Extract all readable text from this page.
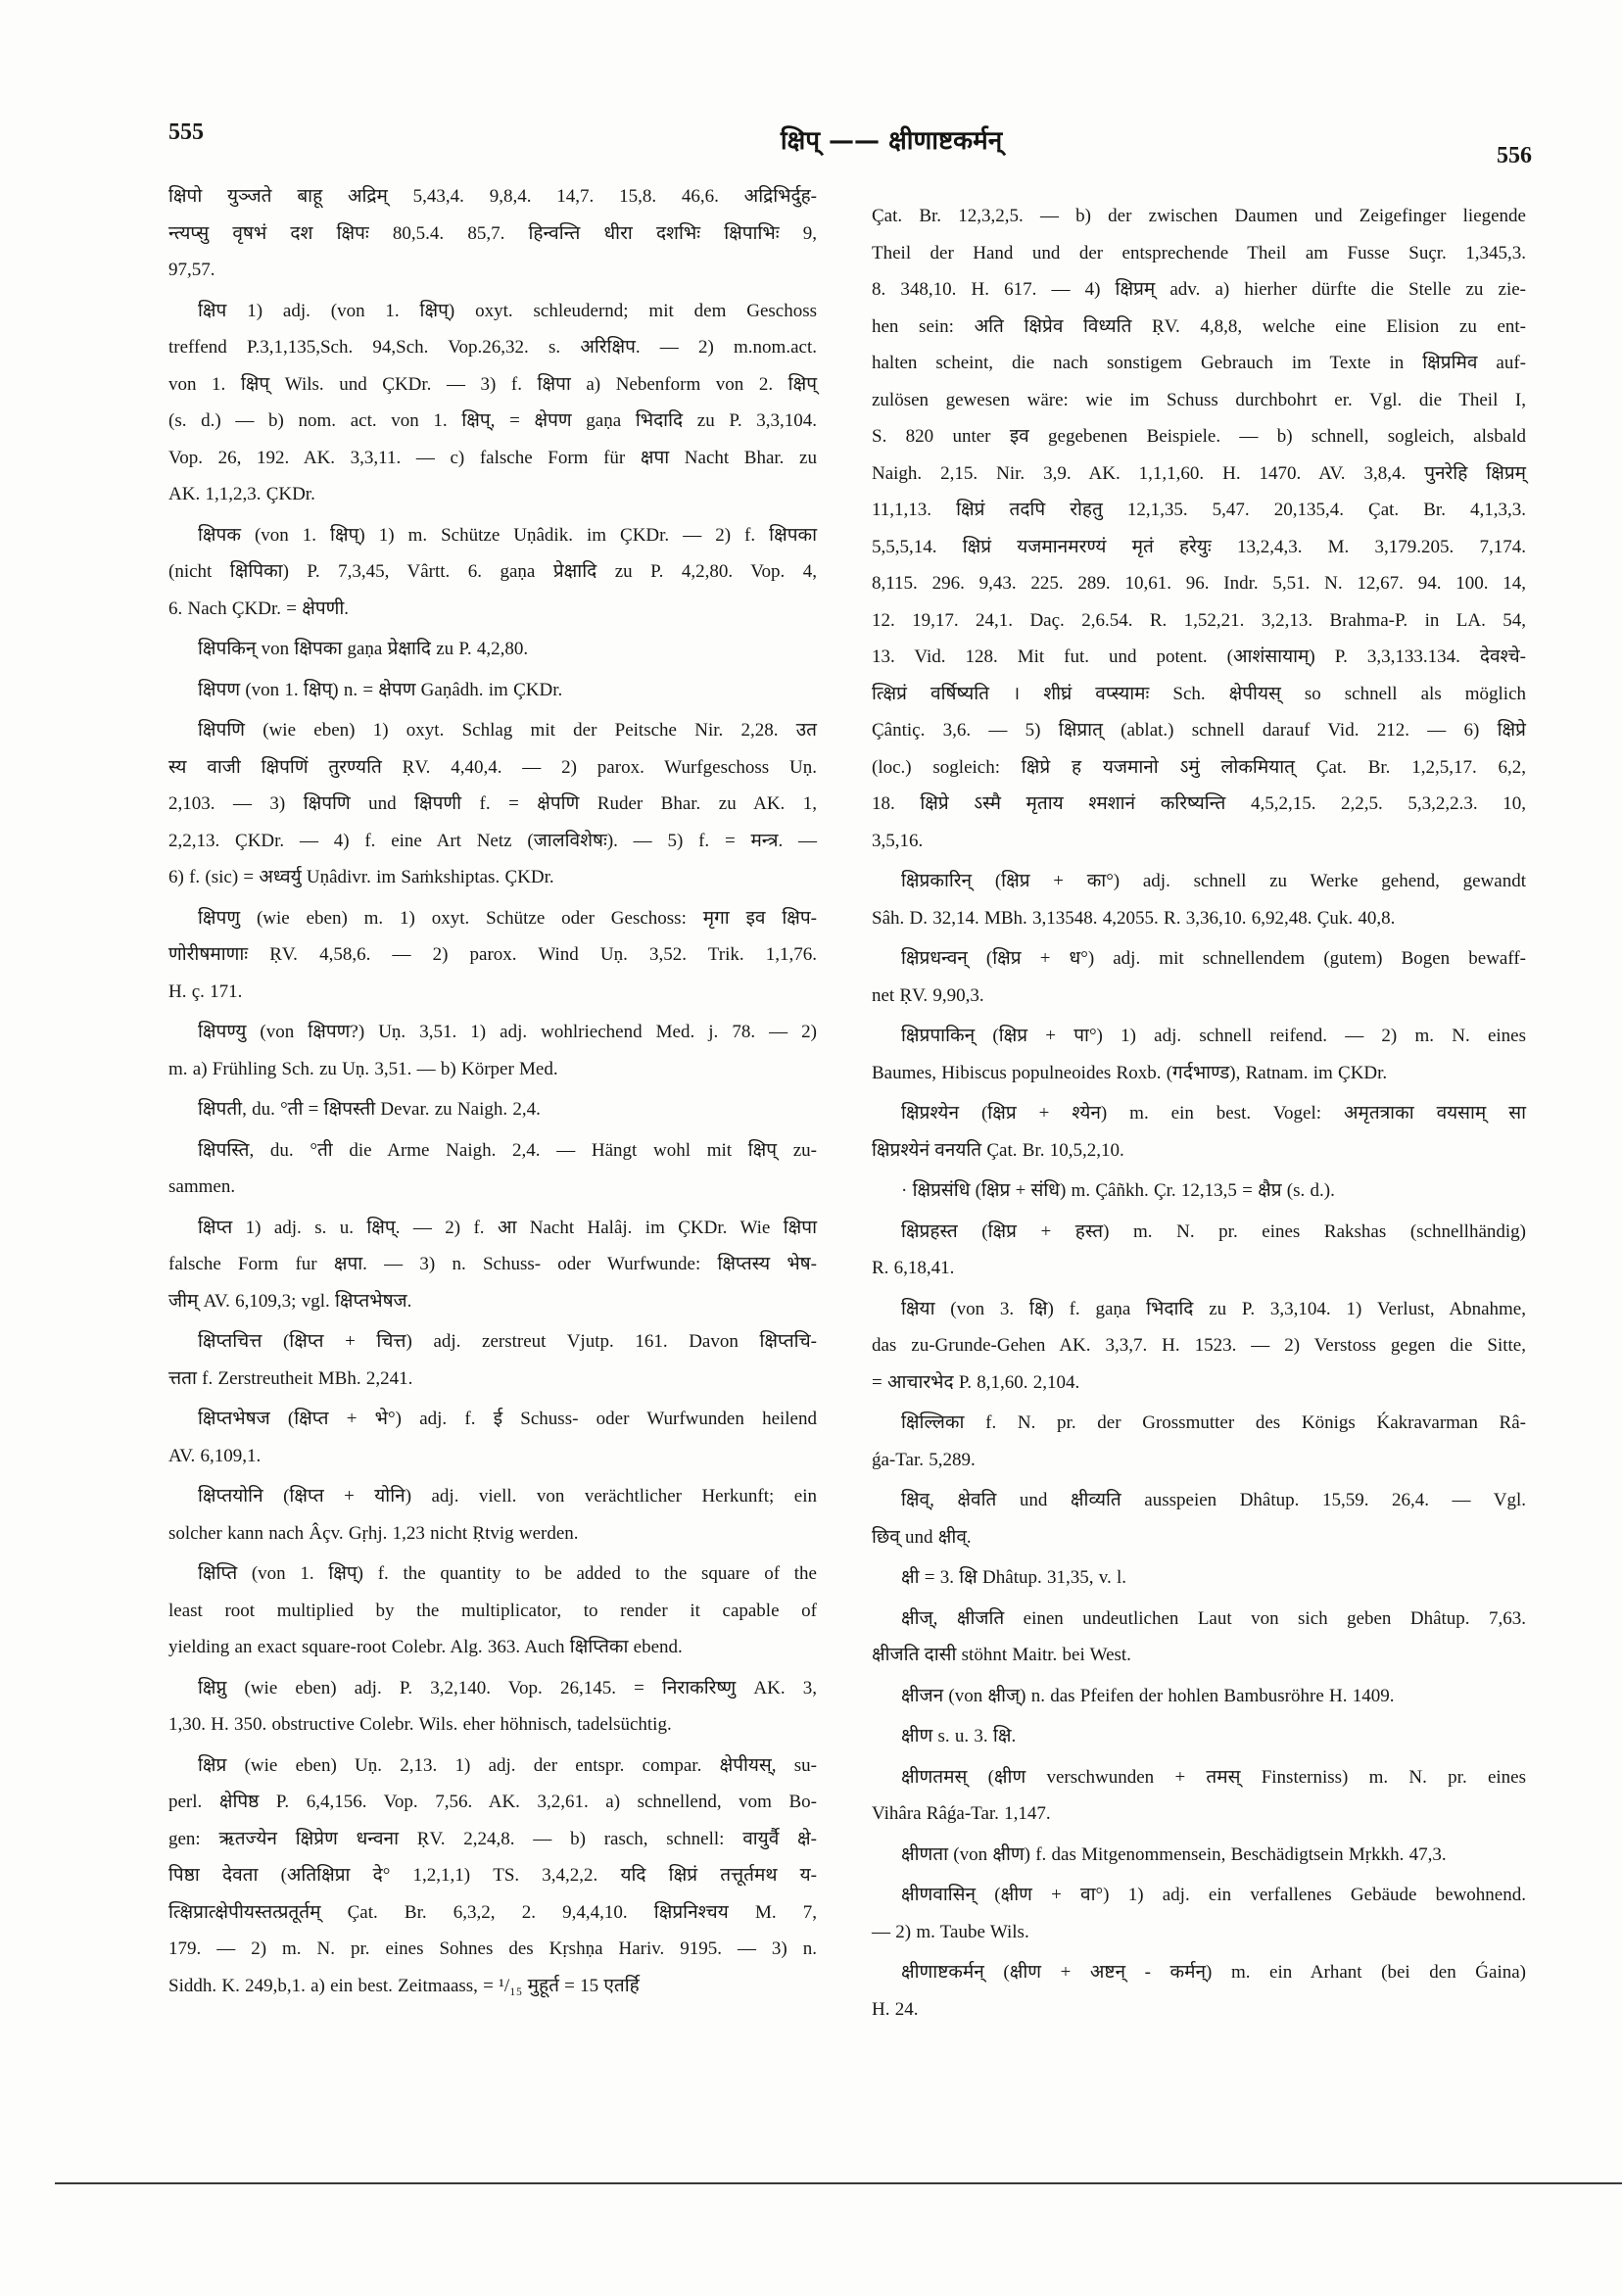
555	क्षिप् —— क्षीणाष्टकर्मन्	556
क्षिपो युञ्जते बाहू अद्रिम् 5,43,4. 9,8,4. 14,7. 15,8. 46,6. अद्रिभिर्दुह-
न्त्यप्सु वृषभं दश क्षिपः 80,5.4. 85,7. हिन्वन्ति धीरा दशभिः क्षिपाभिः 9,
97,57.
क्षिप 1) adj. (von 1. क्षिप्) oxyt. schleudernd; mit dem Geschoss
treffend P.3,1,135,Sch. 94,Sch. Vop.26,32. s. अरिक्षिप. — 2) m.nom.act.
von 1. क्षिप् Wils. und ÇKDr. — 3) f. क्षिपा a) Nebenform von 2. क्षिप्
(s. d.) — b) nom. act. von 1. क्षिप्, = क्षेपण gaṇa भिदादि zu P. 3,3,104.
Vop. 26, 192. AK. 3,3,11. — c) falsche Form für क्षपा Nacht Bhar. zu
AK. 1,1,2,3. ÇKDr.
क्षिपक (von 1. क्षिप्) 1) m. Schütze Uṇâdik. im ÇKDr. — 2) f. क्षिपका
(nicht क्षिपिका) P. 7,3,45, Vârtt. 6. gaṇa प्रेक्षादि zu P. 4,2,80. Vop. 4,
6. Nach ÇKDr. = क्षेपणी.
क्षिपकिन् von क्षिपका gaṇa प्रेक्षादि zu P. 4,2,80.
क्षिपण (von 1. क्षिप्) n. = क्षेपण Gaṇâdh. im ÇKDr.
क्षिपणि (wie eben) 1) oxyt. Schlag mit der Peitsche Nir. 2,28. उत
स्य वाजी क्षिपणिं तुरण्यति ṚV. 4,40,4. — 2) parox. Wurfgeschoss Uṇ.
2,103. — 3) क्षिपणि und क्षिपणी f. = क्षेपणि Ruder Bhar. zu AK. 1,
2,2,13. ÇKDr. — 4) f. eine Art Netz (जालविशेषः). — 5) f. = मन्त्र. —
6) f. (sic) = अध्वर्यु Uṇâdivr. im Saṁkshiptas. ÇKDr.
क्षिपणु (wie eben) m. 1) oxyt. Schütze oder Geschoss: मृगा इव क्षिप-
णोरीषमाणाः ṚV. 4,58,6. — 2) parox. Wind Uṇ. 3,52. Trik. 1,1,76.
H. ç. 171.
क्षिपण्यु (von क्षिपण?) Uṇ. 3,51. 1) adj. wohlriechend Med. j. 78. — 2)
m. a) Frühling Sch. zu Uṇ. 3,51. — b) Körper Med.
क्षिपती, du. °ती = क्षिपस्ती Devar. zu Naigh. 2,4.
क्षिपस्ति, du. °ती die Arme Naigh. 2,4. — Hängt wohl mit क्षिप् zu-
sammen.
क्षिप्त 1) adj. s. u. क्षिप्. — 2) f. आ Nacht Halâj. im ÇKDr. Wie क्षिपा
falsche Form fur क्षपा. — 3) n. Schuss- oder Wurfwunde: क्षिप्तस्य भेष-
जीम् AV. 6,109,3; vgl. क्षिप्तभेषज.
क्षिप्तचित्त (क्षिप्त + चित्त) adj. zerstreut Vjutp. 161. Davon क्षिप्तचि-
त्तता f. Zerstreutheit MBh. 2,241.
क्षिप्तभेषज (क्षिप्त + भे°) adj. f. ई Schuss- oder Wurfwunden heilend
AV. 6,109,1.
क्षिप्तयोनि (क्षिप्त + योनि) adj. viell. von verächtlicher Herkunft; ein
solcher kann nach Âçv. Gṛhj. 1,23 nicht Ṛtvig werden.
क्षिप्ति (von 1. क्षिप्) f. the quantity to be added to the square of the
least root multiplied by the multiplicator, to render it capable of
yielding an exact square-root Colebr. Alg. 363. Auch क्षिप्तिका ebend.
क्षिप्नु (wie eben) adj. P. 3,2,140. Vop. 26,145. = निराकरिष्णु AK. 3,
1,30. H. 350. obstructive Colebr. Wils. eher höhnisch, tadelsüchtig.
क्षिप्र (wie eben) Uṇ. 2,13. 1) adj. der entspr. compar. क्षेपीयस्, su-
perl. क्षेपिष्ठ P. 6,4,156. Vop. 7,56. AK. 3,2,61. a) schnellend, vom Bo-
gen: ऋतज्येन क्षिप्रेण धन्वना ṚV. 2,24,8. — b) rasch, schnell: वायुर्वै क्षे-
पिष्ठा देवता (अतिक्षिप्रा दे° 1,2,1,1) TS. 3,4,2,2. यदि क्षिप्रं तत्तूर्तमथ य-
त्क्षिप्रात्क्षेपीयस्तत्प्रतूर्तम् Çat. Br. 6,3,2, 2. 9,4,4,10. क्षिप्रनिश्चय M. 7,
179. — 2) m. N. pr. eines Sohnes des Kṛshṇa Hariv. 9195. — 3) n.
Siddh. K. 249,b,1. a) ein best. Zeitmaass, = ¹/₁₅ मुहूर्त = 15 एतर्हि
Çat. Br. 12,3,2,5. — b) der zwischen Daumen und Zeigefinger liegende
Theil der Hand und der entsprechende Theil am Fusse Suçr. 1,345,3.
8. 348,10. H. 617. — 4) क्षिप्रम् adv. a) hierher dürfte die Stelle zu zie-
hen sein: अति क्षिप्रेव विध्यति ṚV. 4,8,8, welche eine Elision zu ent-
halten scheint, die nach sonstigem Gebrauch im Texte in क्षिप्रमिव auf-
zulösen gewesen wäre: wie im Schuss durchbohrt er. Vgl. die Theil I,
S. 820 unter इव gegebenen Beispiele. — b) schnell, sogleich, alsbald
Naigh. 2,15. Nir. 3,9. AK. 1,1,1,60. H. 1470. AV. 3,8,4. पुनरेहि क्षिप्रम्
11,1,13. क्षिप्रं तदपि रोहतु 12,1,35. 5,47. 20,135,4. Çat. Br. 4,1,3,3.
5,5,5,14. क्षिप्रं यजमानमरण्यं मृतं हरेयुः 13,2,4,3. M. 3,179.205. 7,174.
8,115. 296. 9,43. 225. 289. 10,61. 96. Indr. 5,51. N. 12,67. 94. 100. 14,
12. 19,17. 24,1. Daç. 2,6.54. R. 1,52,21. 3,2,13. Brahma-P. in LA. 54,
13. Vid. 128. Mit fut. und potent. (आशंसायाम्) P. 3,3,133.134. देवश्चे-
त्क्षिप्रं वर्षिष्यति । शीघ्रं वप्स्यामः Sch. क्षेपीयस् so schnell als möglich
Çântiç. 3,6. — 5) क्षिप्रात् (ablat.) schnell darauf Vid. 212. — 6) क्षिप्रे
(loc.) sogleich: क्षिप्रे ह यजमानो ऽमुं लोकमियात् Çat. Br. 1,2,5,17. 6,2,
18. क्षिप्रे ऽस्मै मृताय श्मशानं करिष्यन्ति 4,5,2,15. 2,2,5. 5,3,2,2.3. 10,
3,5,16.
क्षिप्रकारिन् (क्षिप्र + का°) adj. schnell zu Werke gehend, gewandt
Sâh. D. 32,14. MBh. 3,13548. 4,2055. R. 3,36,10. 6,92,48. Çuk. 40,8.
क्षिप्रधन्वन् (क्षिप्र + ध°) adj. mit schnellendem (gutem) Bogen bewaff-
net ṚV. 9,90,3.
क्षिप्रपाकिन् (क्षिप्र + पा°) 1) adj. schnell reifend. — 2) m. N. eines
Baumes, Hibiscus populneoides Roxb. (गर्दभाण्ड), Ratnam. im ÇKDr.
क्षिप्रश्येन (क्षिप्र + श्येन) m. ein best. Vogel: अमृतत्राका वयसाम् सा
क्षिप्रश्येनं वनयति Çat. Br. 10,5,2,10.
· क्षिप्रसंधि (क्षिप्र + संधि) m. Çâñkh. Çr. 12,13,5 = क्षैप्र (s. d.).
क्षिप्रहस्त (क्षिप्र + हस्त) m. N. pr. eines Rakshas (schnellhändig)
R. 6,18,41.
क्षिया (von 3. क्षि) f. gaṇa भिदादि zu P. 3,3,104. 1) Verlust, Abnahme,
das zu-Grunde-Gehen AK. 3,3,7. H. 1523. — 2) Verstoss gegen die Sitte,
= आचारभेद P. 8,1,60. 2,104.
क्षिल्लिका f. N. pr. der Grossmutter des Königs Ḱakravarman Râ-
ǵa-Tar. 5,289.
क्षिव्, क्षेवति und क्षीव्यति ausspeien Dhâtup. 15,59. 26,4. — Vgl.
छिव् und क्षीव्.
क्षी = 3. क्षि Dhâtup. 31,35, v. l.
क्षीज्, क्षीजति einen undeutlichen Laut von sich geben Dhâtup. 7,63.
क्षीजति दासी stöhnt Maitr. bei West.
क्षीजन (von क्षीज्) n. das Pfeifen der hohlen Bambusröhre H. 1409.
क्षीण s. u. 3. क्षि.
क्षीणतमस् (क्षीण verschwunden + तमस् Finsterniss) m. N. pr. eines
Vihâra Râǵa-Tar. 1,147.
क्षीणता (von क्षीण) f. das Mitgenommensein, Beschädigtsein Mṛkkh. 47,3.
क्षीणवासिन् (क्षीण + वा°) 1) adj. ein verfallenes Gebäude bewohnend.
— 2) m. Taube Wils.
क्षीणाष्टकर्मन् (क्षीण + अष्टन् - कर्मन्) m. ein Arhant (bei den Ǵaina)
H. 24.
